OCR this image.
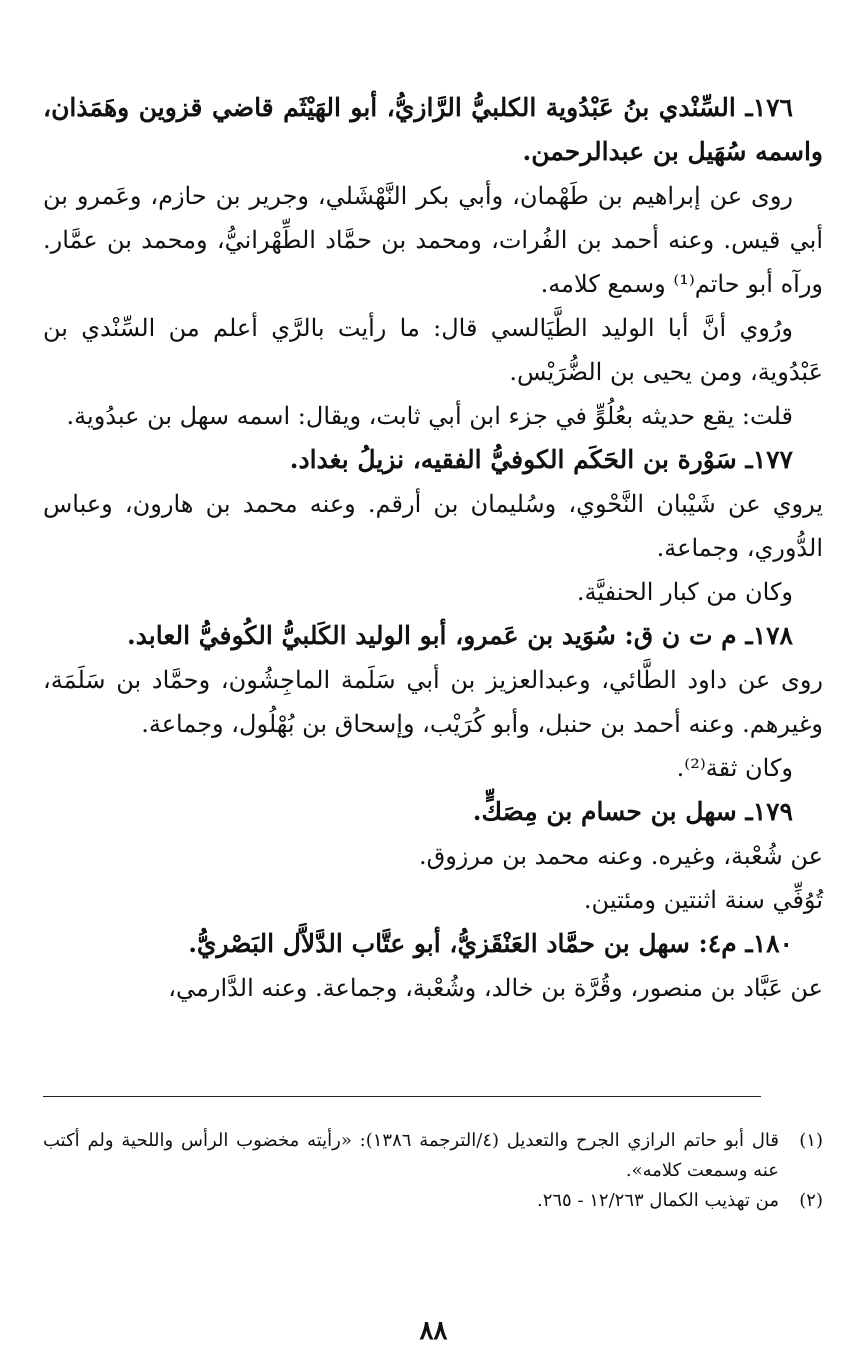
١٧٦ـ السِّنْدي بنُ عَبْدُوية الكلبيُّ الرَّازيُّ، أبو الهَيْثَم قاضي قزوين وهَمَذان، واسمه سُهَيل بن عبدالرحمن.

روى عن إبراهيم بن طَهْمان، وأبي بكر النَّهْشَلي، وجرير بن حازم، وعَمرو بن أبي قيس. وعنه أحمد بن الفُرات، ومحمد بن حمَّاد الطِّهْرانيُّ، ومحمد بن عمَّار. ورآه أبو حاتم⁽¹⁾ وسمع كلامه.

ورُوي أنَّ أبا الوليد الطَّيَالسي قال: ما رأيت بالرَّي أعلم من السِّنْدي بن عَبْدُوية، ومن يحيى بن الضُّرَيْس.

قلت: يقع حديثه بعُلُوٍّ في جزء ابن أبي ثابت، ويقال: اسمه سهل بن عبدُوية.

١٧٧ـ سَوْرة بن الحَكَم الكوفيُّ الفقيه، نزيلُ بغداد.

يروي عن شَيْبان النَّحْوي، وسُليمان بن أرقم. وعنه محمد بن هارون، وعباس الدُّوري، وجماعة.

وكان من كبار الحنفيَّة.

١٧٨ـ م ت ن ق: سُوَيد بن عَمرو، أبو الوليد الكَلبيُّ الكُوفيُّ العابد.

روى عن داود الطَّائي، وعبدالعزيز بن أبي سَلَمة الماجِشُون، وحمَّاد بن سَلَمَة، وغيرهم. وعنه أحمد بن حنبل، وأبو كُرَيْب، وإسحاق بن بُهْلُول، وجماعة.

وكان ثقة⁽²⁾.

١٧٩ـ سهل بن حسام بن مِصَكٍّ.

عن شُعْبة، وغيره. وعنه محمد بن مرزوق.

تُوُفِّي سنة اثنتين ومئتين.

١٨٠ـ م٤: سهل بن حمَّاد العَنْقَزيُّ، أبو عتَّاب الدَّلاَّل البَصْريُّ.

عن عَبَّاد بن منصور، وقُرَّة بن خالد، وشُعْبة، وجماعة. وعنه الدَّارمي،

(١)
قال أبو حاتم الرازي الجرح والتعديل (٤/الترجمة ١٣٨٦): «رأيته مخضوب الرأس واللحية ولم أكتب عنه وسمعت كلامه».
(٢)
من تهذيب الكمال ١٢/٢٦٣ - ٢٦٥.
٨٨
